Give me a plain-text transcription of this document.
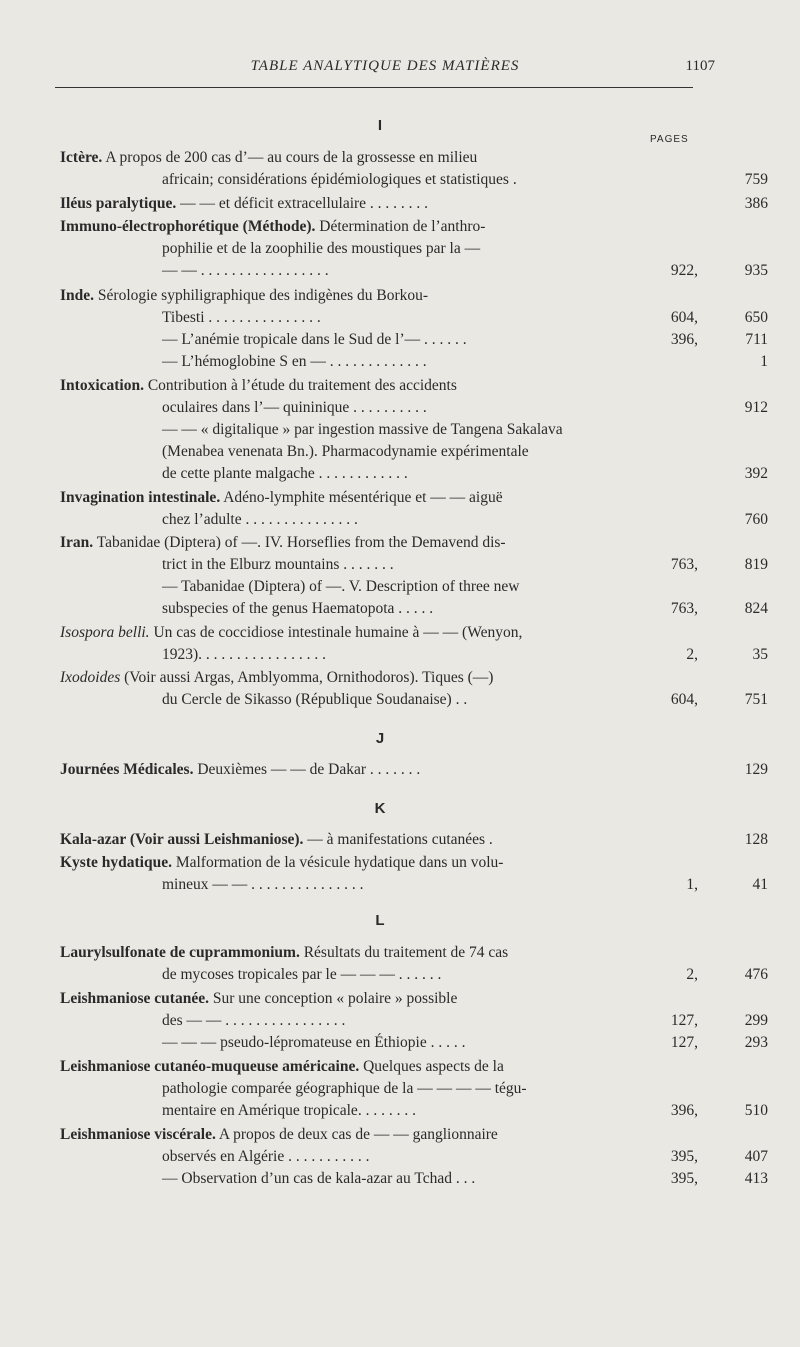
TABLE ANALYTIQUE DES MATIÈRES	1107
PAGES
I
J
K
L
Ictère. A propos de 200 cas d’— au cours de la grossesse en milieu
africain; considérations épidémiologiques et statistiques .	759
Iléus paralytique. — — et déficit extracellulaire . . . . . . . .	386
Immuno-électrophorétique (Méthode). Détermination de l’anthro-
pophilie et de la zoophilie des moustiques par la —
— — . . . . . . . . . . . . . . . . .	922,	935
Inde. Sérologie syphiligraphique des indigènes du Borkou-
Tibesti . . . . . . . . . . . . . . .	604,	650
— L’anémie tropicale dans le Sud de l’— . . . . . .	396,	711
— L’hémoglobine S en — . . . . . . . . . . . . .	1
Intoxication. Contribution à l’étude du traitement des accidents
oculaires dans l’— quininique . . . . . . . . . .	912
— — « digitalique » par ingestion massive de Tangena Sakalava
(Menabea venenata Bn.). Pharmacodynamie expérimentale
de cette plante malgache . . . . . . . . . . . .	392
Invagination intestinale. Adéno-lymphite mésentérique et — — aiguë
chez l’adulte . . . . . . . . . . . . . . .	760
Iran. Tabanidae (Diptera) of —. IV. Horseflies from the Demavend dis-
trict in the Elburz mountains . . . . . . .	763,	819
— Tabanidae (Diptera) of —. V. Description of three new
subspecies of the genus Haematopota . . . . .	763,	824
Isospora belli. Un cas de coccidiose intestinale humaine à — — (Wenyon,
1923). . . . . . . . . . . . . . . . .	2,	35
Ixodoides (Voir aussi Argas, Amblyomma, Ornithodoros). Tiques (—)
du Cercle de Sikasso (République Soudanaise) . .	604,	751
Journées Médicales. Deuxièmes — — de Dakar . . . . . . .	129
Kala-azar (Voir aussi Leishmaniose). — à manifestations cutanées .	128
Kyste hydatique. Malformation de la vésicule hydatique dans un volu-
mineux — — . . . . . . . . . . . . . . .	1,	41
Laurylsulfonate de cuprammonium. Résultats du traitement de 74 cas
de mycoses tropicales par le — — — . . . . . .	2,	476
Leishmaniose cutanée. Sur une conception « polaire » possible
des — — . . . . . . . . . . . . . . . .	127,	299
— — — pseudo-lépromateuse en Éthiopie . . . . .	127,	293
Leishmaniose cutanéo-muqueuse américaine. Quelques aspects de la
pathologie comparée géographique de la — — — — tégu-
mentaire en Amérique tropicale. . . . . . . .	396,	510
Leishmaniose viscérale. A propos de deux cas de — — ganglionnaire
observés en Algérie . . . . . . . . . . .	395,	407
— Observation d’un cas de kala-azar au Tchad . . .	395,	413
